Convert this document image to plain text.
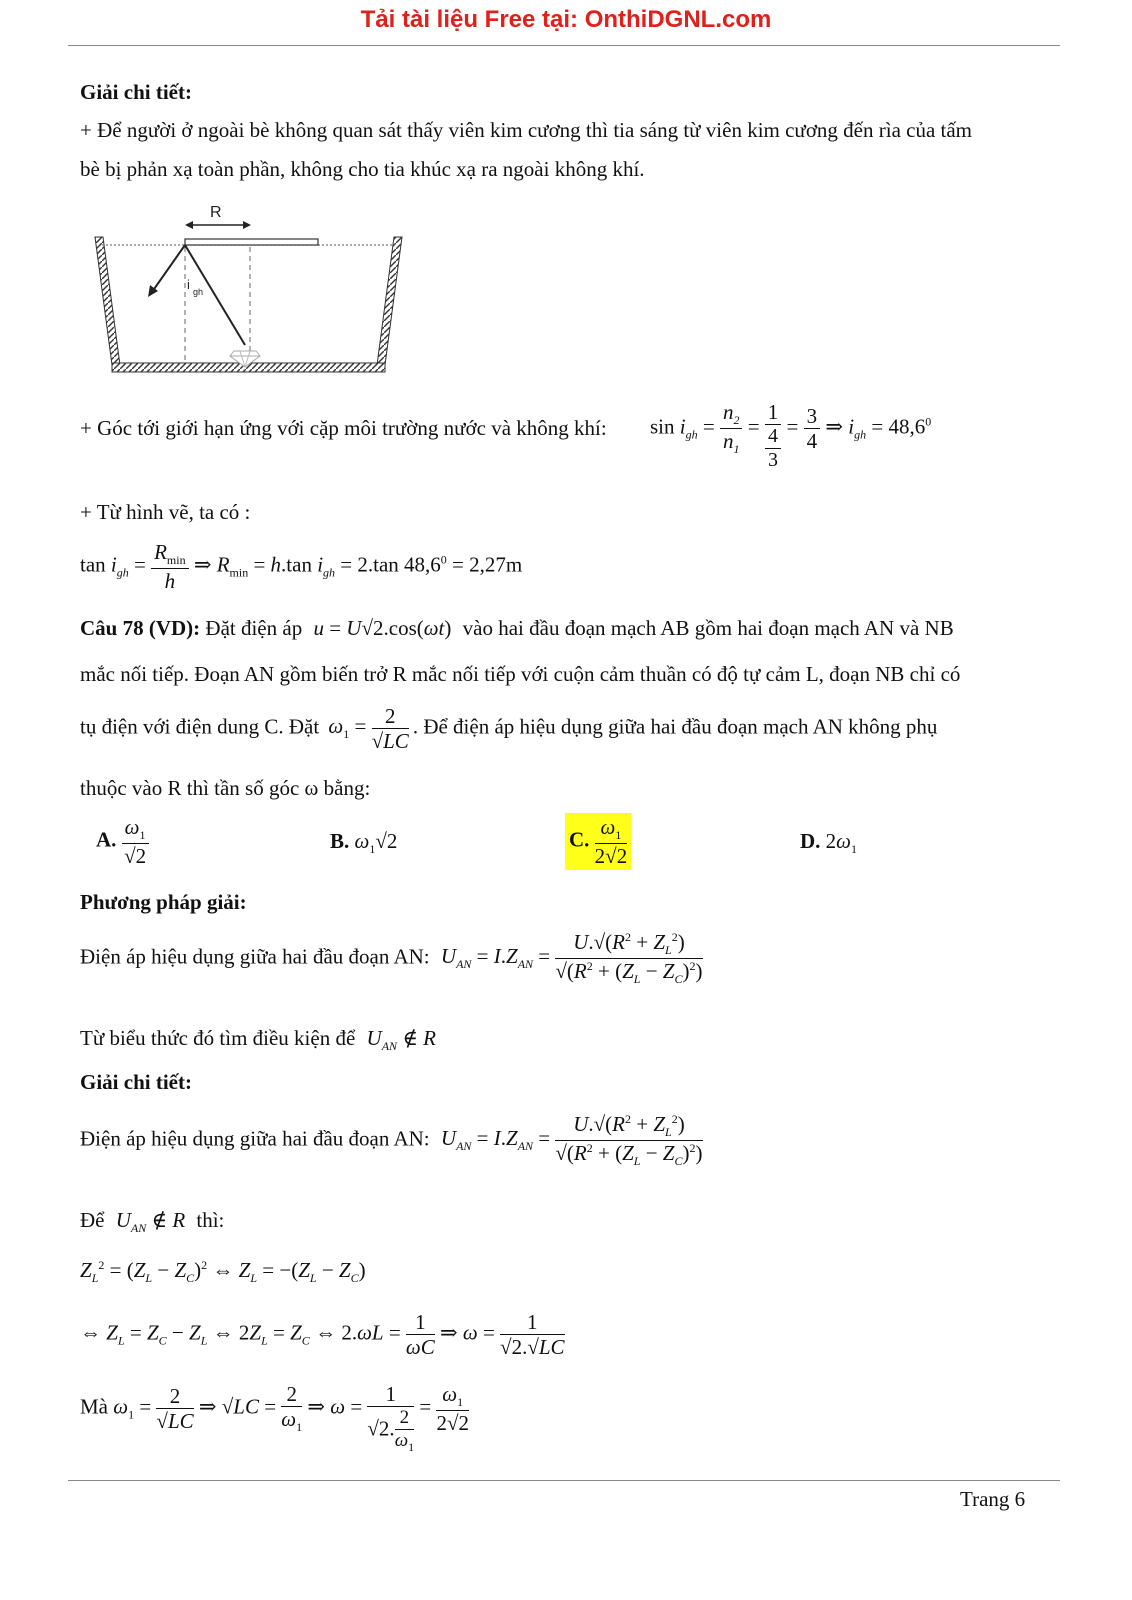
Tải tài liệu Free tại: OnthiDGNL.com
Giải chi tiết:
+ Để người ở ngoài bè không quan sát thấy viên kim cương thì tia sáng từ viên kim cương đến rìa của tấm
bè bị phản xạ toàn phần, không cho tia khúc xạ ra ngoài không khí.
R
i gh
+ Góc tới giới hạn ứng với cặp môi trường nước và không khí: $\sin i_{gh} = \frac{n_2}{n_1} = \frac{1}{\frac{4}{3}} = \frac{3}{4}$ ⇒ $i_{gh} = 48,6^0$
+ Từ hình vẽ, ta có :
$\tan i_{gh} = \frac{R_{min}}{h}$ ⇒ $R_{min} = h.\tan$ $i_{gh} = 2.\tan$ $48,6^0 = 2,27m$
Câu 78 (VD): Đặt điện áp u = U√2.cos(ωt) vào hai đầu đoạn mạch AB gồm hai đoạn mạch AN và NB
mắc nối tiếp. Đoạn AN gồm biến trở R mắc nối tiếp với cuộn cảm thuần có độ tự cảm L, đoạn NB chỉ có
tụ điện với điện dung C. Đặt $\omega_1 = \frac{2}{√LC}$ . Để điện áp hiệu dụng giữa hai đầu đoạn mạch AN không phụ
thuộc vào R thì tần số góc ω bằng:
A. $\frac{\omega_1}{√2}$	B. $\omega_1√2$	C. $\frac{\omega_1}{2√2}$	D. $2\omega_1$
Phương pháp giải:
Điện áp hiệu dụng giữa hai đầu đoạn AN: $U_{AN} = I.Z_{AN} = \frac{U.√(R^2 + Z_L^2)}{√(R^2 + (Z_L - Z_C)^2)}$
Từ biểu thức đó tìm điều kiện để $U_{AN}$ ∉ R
Giải chi tiết:
Điện áp hiệu dụng giữa hai đầu đoạn AN: $U_{AN} = I.Z_{AN} = \frac{U.√(R^2 + Z_L^2)}{√(R^2 + (Z_L - Z_C)^2)}$
Để $U_{AN}$ ∉ R thì:
$Z_L^2 = (Z_L - Z_C)^2$ ⇔ $Z_L = -(Z_L - Z_C)$
⇔ $Z_L = Z_C - Z_L$ ⇔ $2Z_L = Z_C$ ⇔ $2.\omega L = \frac{1}{\omega C}$ ⇒ $\omega = \frac{1}{√2.√LC}$
Mà $\omega_1 = \frac{2}{√LC}$ ⇒ $√LC = \frac{2}{\omega_1}$ ⇒ $\omega = \frac{1}{√2. \frac{2}{\omega_1}} = \frac{\omega_1}{2√2}$
Trang 6
